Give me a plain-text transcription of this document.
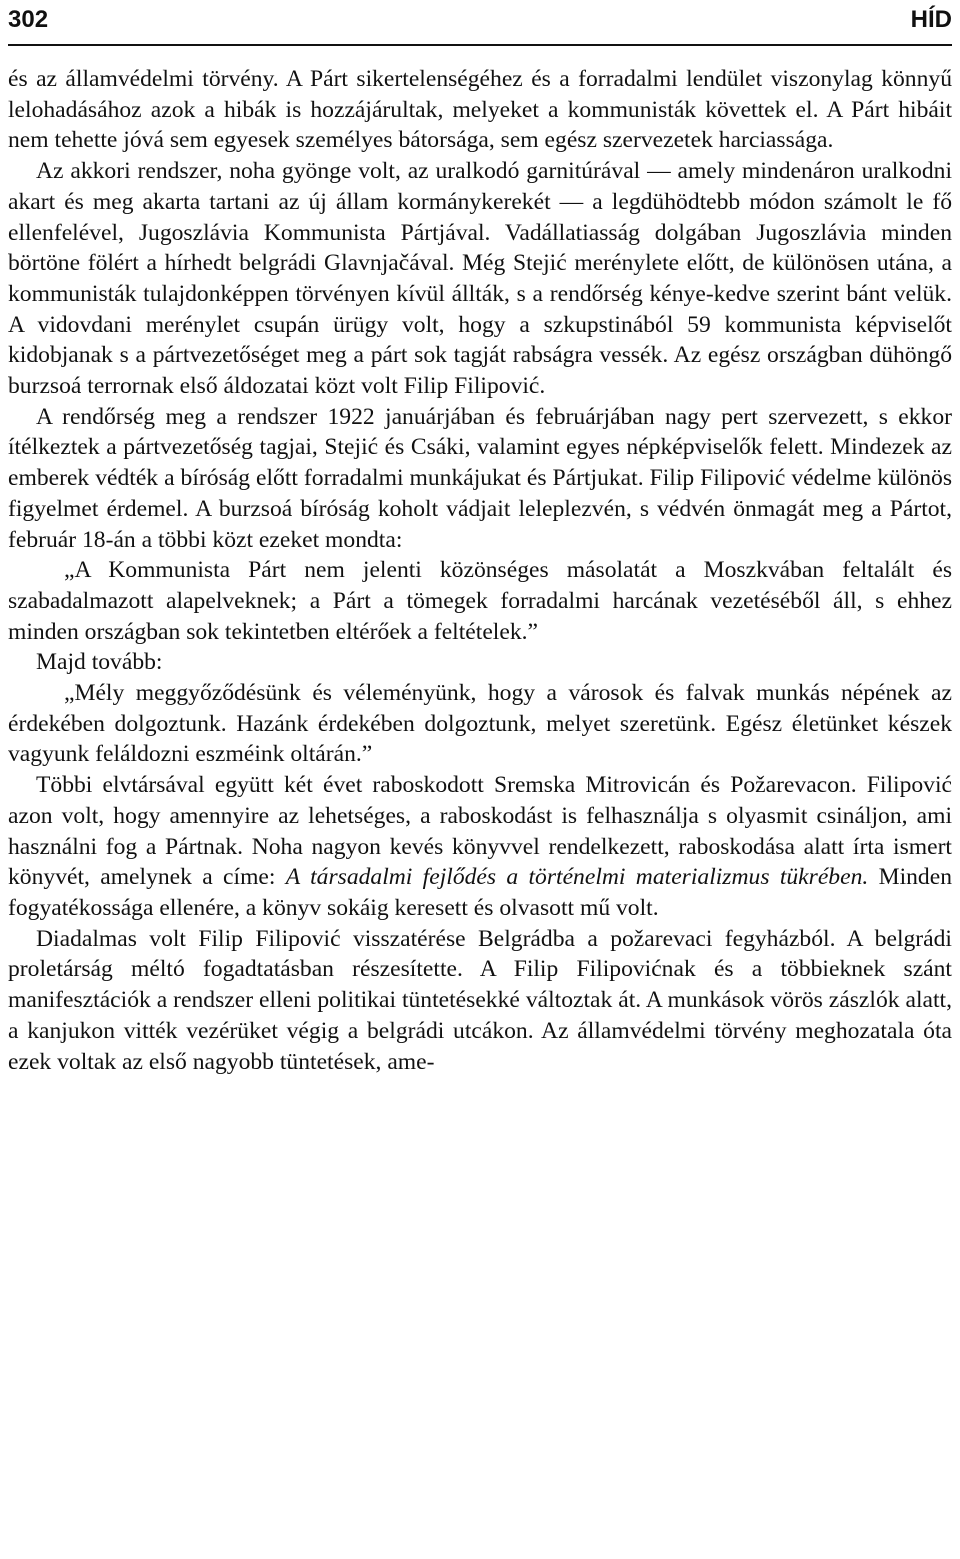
302	HÍD

és az államvédelmi törvény. A Párt sikertelenségéhez és a forradalmi lendület viszonylag könnyű lelohadásához azok a hibák is hozzájárultak, melyeket a kommunisták követtek el. A Párt hibáit nem tehette jóvá sem egyesek személyes bátorsága, sem egész szervezetek harciassága.

Az akkori rendszer, noha gyönge volt, az uralkodó garnitúrával — amely mindenáron uralkodni akart és meg akarta tartani az új állam kormánykerekét — a legdühödtebb módon számolt le fő ellenfelével, Jugoszlávia Kommunista Pártjával. Vadállatiasság dolgában Jugoszlávia minden börtöne fölért a hírhedt belgrádi Glavnjačával. Még Stejić merénylete előtt, de különösen utána, a kommunisták tulajdonképpen törvényen kívül állták, s a rendőrség kénye-kedve szerint bánt velük. A vidovdani merénylet csupán ürügy volt, hogy a szkupstinából 59 kommunista képviselőt kidobjanak s a pártvezetőséget meg a párt sok tagját rabságra vessék. Az egész országban dühöngő burzsoá terrornak első áldozatai közt volt Filip Filipović.

A rendőrség meg a rendszer 1922 januárjában és februárjában nagy pert szervezett, s ekkor ítélkeztek a pártvezetőség tagjai, Stejić és Csáki, valamint egyes népképviselők felett. Mindezek az emberek védték a bíróság előtt forradalmi munkájukat és Pártjukat. Filip Filipović védelme különös figyelmet érdemel. A burzsoá bíróság koholt vádjait leleplezvén, s védvén önmagát meg a Pártot, február 18-án a többi közt ezeket mondta:

„A Kommunista Párt nem jelenti közönséges másolatát a Moszkvában feltalált és szabadalmazott alapelveknek; a Párt a tömegek forradalmi harcának vezetéséből áll, s ehhez minden országban sok tekintetben eltérőek a feltételek.”

Majd tovább:

„Mély meggyőződésünk és véleményünk, hogy a városok és falvak munkás népének az érdekében dolgoztunk. Hazánk érdekében dolgoztunk, melyet szeretünk. Egész életünket készek vagyunk feláldozni eszméink oltárán.”

Többi elvtársával együtt két évet raboskodott Sremska Mitrovicán és Požarevacon. Filipović azon volt, hogy amennyire az lehetséges, a raboskodást is felhasználja s olyasmit csináljon, ami használni fog a Pártnak. Noha nagyon kevés könyvvel rendelkezett, raboskodása alatt írta ismert könyvét, amelynek a címe: A társadalmi fejlődés a történelmi materializmus tükrében. Minden fogyatékossága ellenére, a könyv sokáig keresett és olvasott mű volt.

Diadalmas volt Filip Filipović visszatérése Belgrádba a požarevaci fegyházból. A belgrádi proletárság méltó fogadtatásban részesítette. A Filip Filipovićnak és a többieknek szánt manifesztációk a rendszer elleni politikai tüntetésekké változtak át. A munkások vörös zászlók alatt, a kanjukon vitték vezérüket végig a belgrádi utcákon. Az államvédelmi törvény meghozatala óta ezek voltak az első nagyobb tüntetések, ame-
